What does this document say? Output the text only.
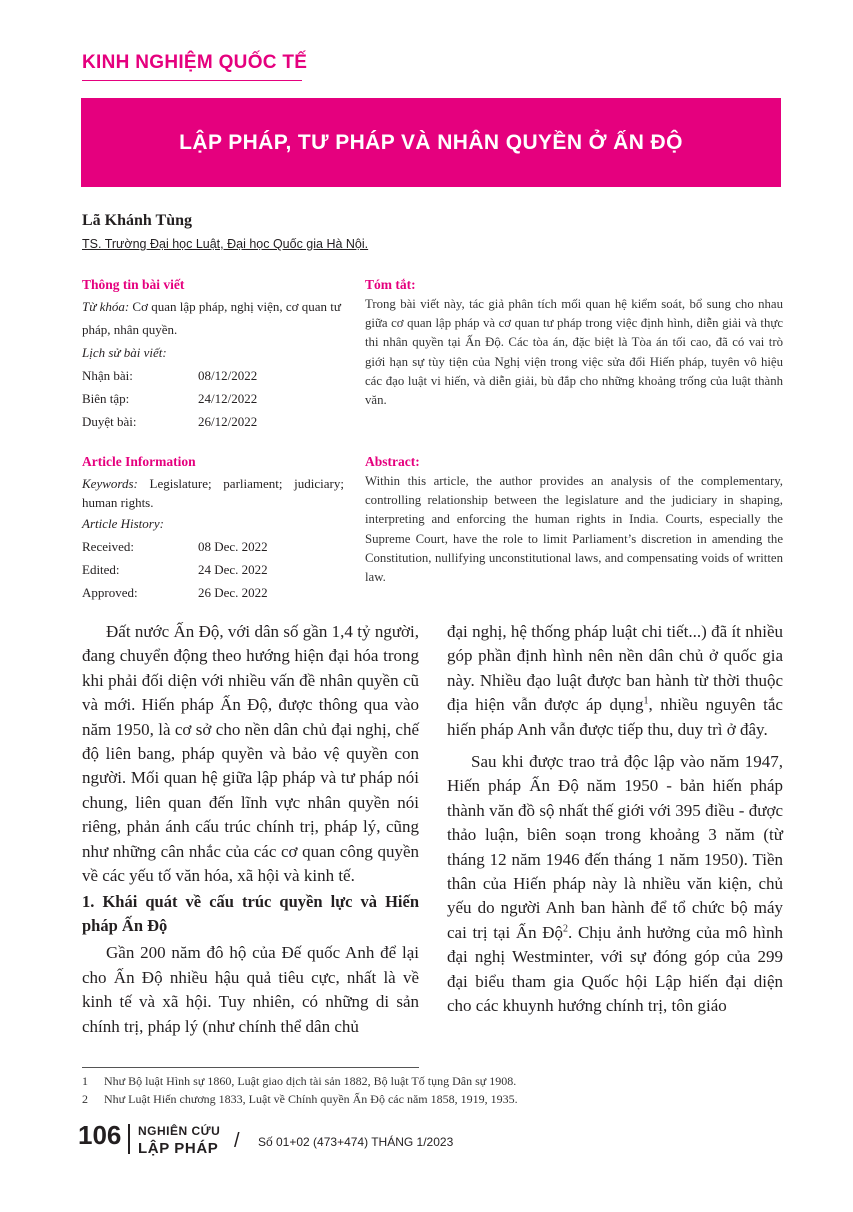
KINH NGHIỆM QUỐC TẾ
LẬP PHÁP, TƯ PHÁP VÀ NHÂN QUYỀN Ở ẤN ĐỘ
Lã Khánh Tùng
TS. Trường Đại học Luật, Đại học Quốc gia Hà Nội.
Thông tin bài viết
Từ khóa: Cơ quan lập pháp, nghị viện, cơ quan tư pháp, nhân quyền.
Lịch sử bài viết:
Nhận bài:	08/12/2022
Biên tập:	24/12/2022
Duyệt bài:	26/12/2022
Tóm tắt:
Trong bài viết này, tác giả phân tích mối quan hệ kiểm soát, bổ sung cho nhau giữa cơ quan lập pháp và cơ quan tư pháp trong việc định hình, diễn giải và thực thi nhân quyền tại Ấn Độ. Các tòa án, đặc biệt là Tòa án tối cao, đã có vai trò giới hạn sự tùy tiện của Nghị viện trong việc sửa đổi Hiến pháp, tuyên vô hiệu các đạo luật vi hiến, và diễn giải, bù đắp cho những khoảng trống của luật thành văn.
Article Information
Keywords: Legislature; parliament; judiciary; human rights.
Article History:
Received:	08 Dec. 2022
Edited:	24 Dec. 2022
Approved:	26 Dec. 2022
Abstract:
Within this article, the author provides an analysis of the complementary, controlling relationship between the legislature and the judiciary in shaping, interpreting and enforcing the human rights in India. Courts, especially the Supreme Court, have the role to limit Parliament’s discretion in amending the Constitution, nullifying unconstitutional laws, and compensating voids of written law.

Đất nước Ấn Độ, với dân số gần 1,4 tỷ người, đang chuyển động theo hướng hiện đại hóa trong khi phải đối diện với nhiều vấn đề nhân quyền cũ và mới. Hiến pháp Ấn Độ, được thông qua vào năm 1950, là cơ sở cho nền dân chủ đại nghị, chế độ liên bang, pháp quyền và bảo vệ quyền con người. Mối quan hệ giữa lập pháp và tư pháp nói chung, liên quan đến lĩnh vực nhân quyền nói riêng, phản ánh cấu trúc chính trị, pháp lý, cũng như những cân nhắc của các cơ quan công quyền về các yếu tố văn hóa, xã hội và kinh tế.

1. Khái quát về cấu trúc quyền lực và Hiến pháp Ấn Độ

Gần 200 năm đô hộ của Đế quốc Anh để lại cho Ấn Độ nhiều hậu quả tiêu cực, nhất là về kinh tế và xã hội. Tuy nhiên, có những di sản chính trị, pháp lý (như chính thể dân chủ

đại nghị, hệ thống pháp luật chi tiết...) đã ít nhiều góp phần định hình nên nền dân chủ ở quốc gia này. Nhiều đạo luật được ban hành từ thời thuộc địa hiện vẫn được áp dụng$^1$, nhiều nguyên tắc hiến pháp Anh vẫn được tiếp thu, duy trì ở đây.

Sau khi được trao trả độc lập vào năm 1947, Hiến pháp Ấn Độ năm 1950 - bản hiến pháp thành văn đồ sộ nhất thế giới với 395 điều - được thảo luận, biên soạn trong khoảng 3 năm (từ tháng 12 năm 1946 đến tháng 1 năm 1950). Tiền thân của Hiến pháp này là nhiều văn kiện, chủ yếu do người Anh ban hành để tổ chức bộ máy cai trị tại Ấn Độ$^2$. Chịu ảnh hưởng của mô hình đại nghị Westminter, với sự đóng góp của 299 đại biểu tham gia Quốc hội Lập hiến đại diện cho các khuynh hướng chính trị, tôn giáo

1 Như Bộ luật Hình sự 1860, Luật giao dịch tài sản 1882, Bộ luật Tố tụng Dân sự 1908.
2 Như Luật Hiến chương 1833, Luật về Chính quyền Ấn Độ các năm 1858, 1919, 1935.
106 NGHIÊN CỨU
LẬP PHÁP / Số 01+02 (473+474) THÁNG 1/2023
